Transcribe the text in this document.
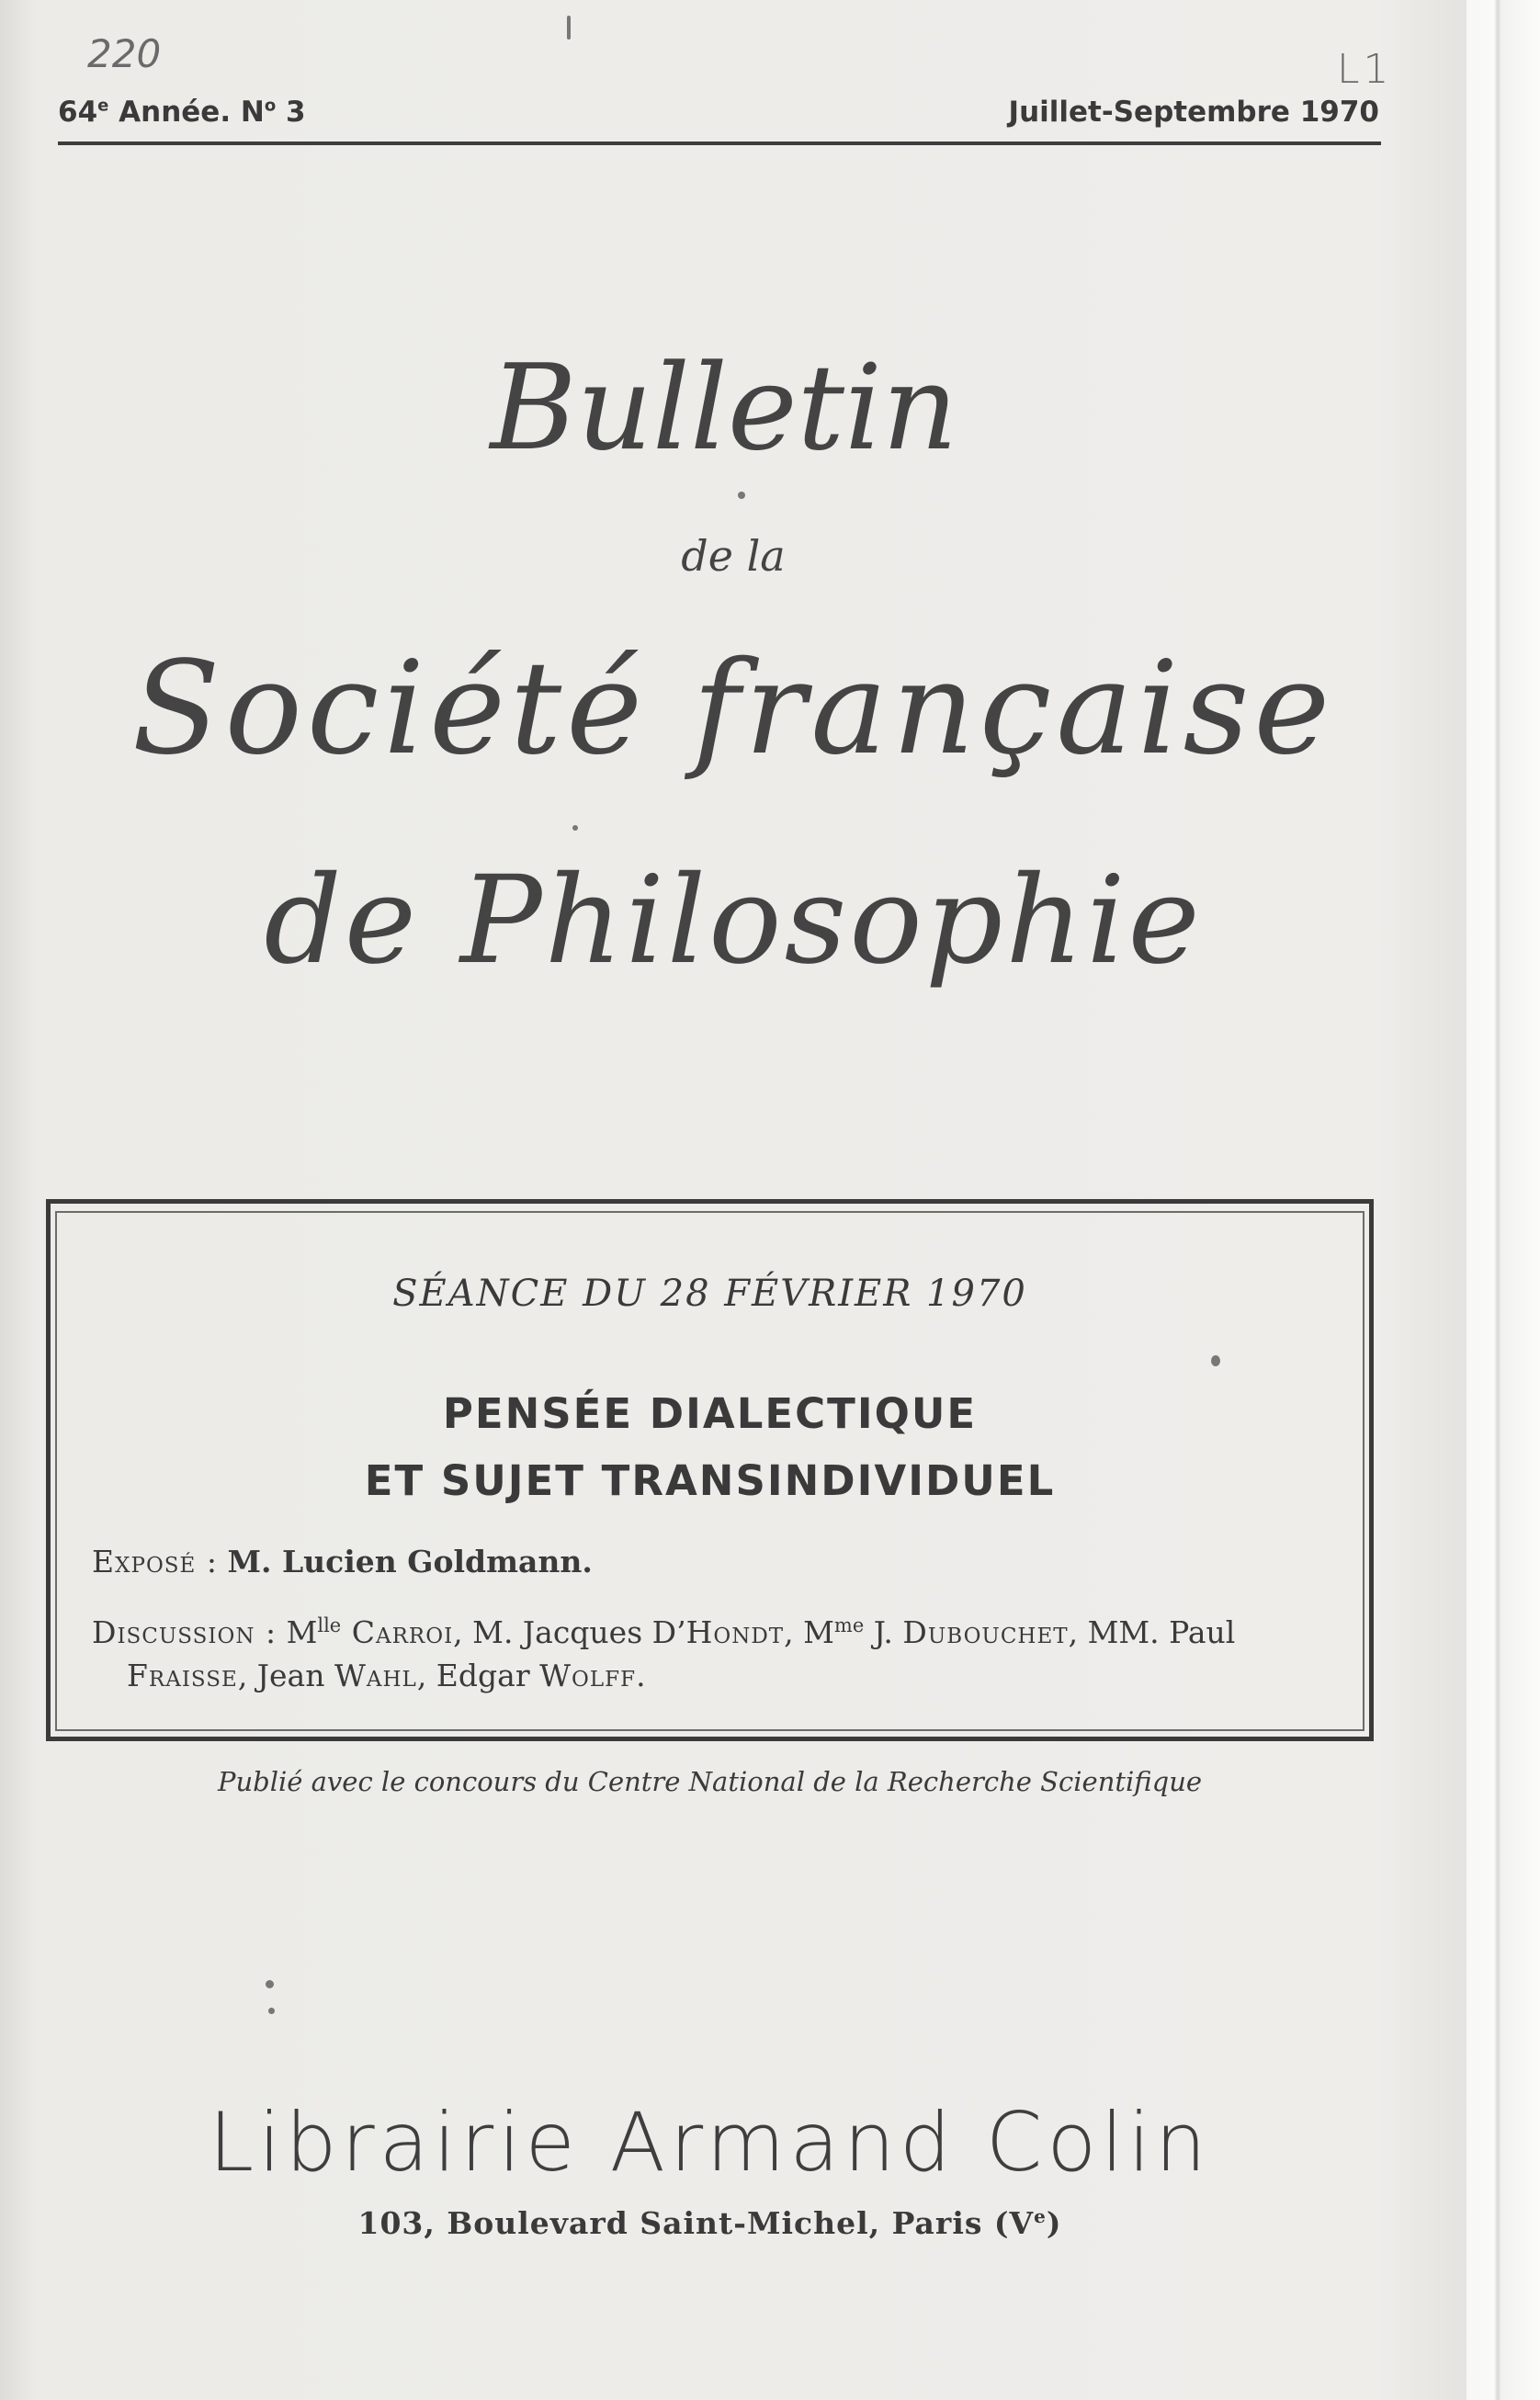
220	L1
64e Année. $N^o$ 3	Juillet-Septembre 1970
Bulletin
de la
Société française
de Philosophie
SÉANCE DU 28 FÉVRIER 1970
PENSÉE DIALECTIQUE
ET SUJET TRANSINDIVIDUEL
Exposé : M. Lucien Goldmann.
Discussion : $M^{lle}$ Carroi, M. Jacques D’Hondt, $M^{me}$ J. Dubouchet, MM. Paul
Fraisse, Jean Wahl, Edgar Wolff.
Publié avec le concours du Centre National de la Recherche Scientifique
Librairie Armand Colin
103, Boulevard Saint-Michel, Paris (Ve)
